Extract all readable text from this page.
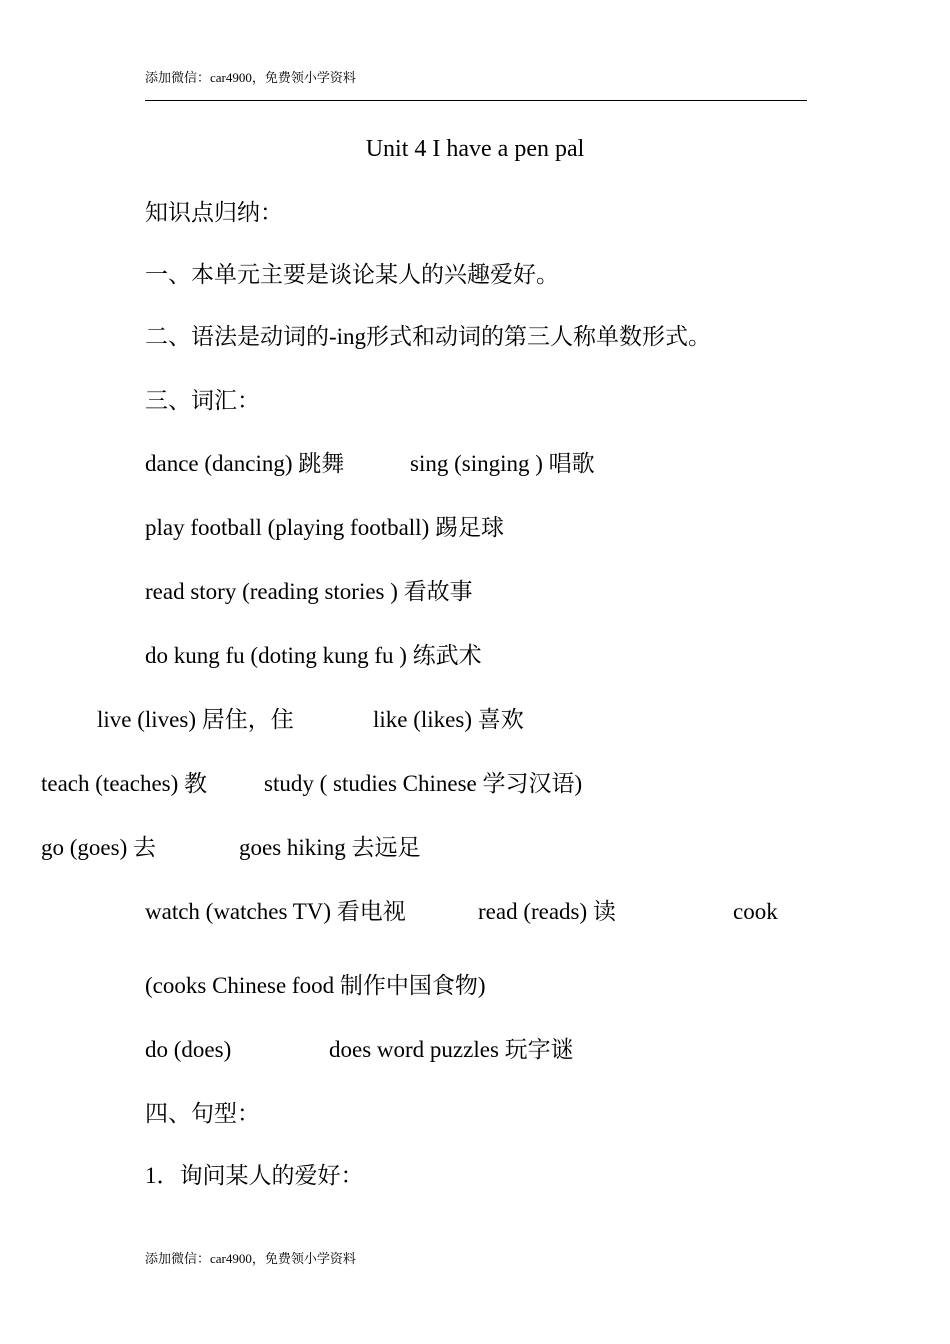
添加微信：car4900，免费领小学资料
Unit 4 I have a pen pal
知识点归纳：
一、本单元主要是谈论某人的兴趣爱好。
二、语法是动词的-ing形式和动词的第三人称单数形式。
三、词汇：
dance (dancing) 跳舞	sing (singing ) 唱歌
play football (playing football) 踢足球
read story (reading stories ) 看故事
do kung fu (doting kung fu ) 练武术
live (lives) 居住，住	like (likes) 喜欢
teach (teaches) 教 study ( studies Chinese 学习汉语)
go (goes) 去	goes hiking 去远足
watch (watches TV) 看电视	read (reads) 读	cook
(cooks Chinese food 制作中国食物)
do (does)	does word puzzles 玩字谜
四、句型：
1．询问某人的爱好：
添加微信：car4900，免费领小学资料
